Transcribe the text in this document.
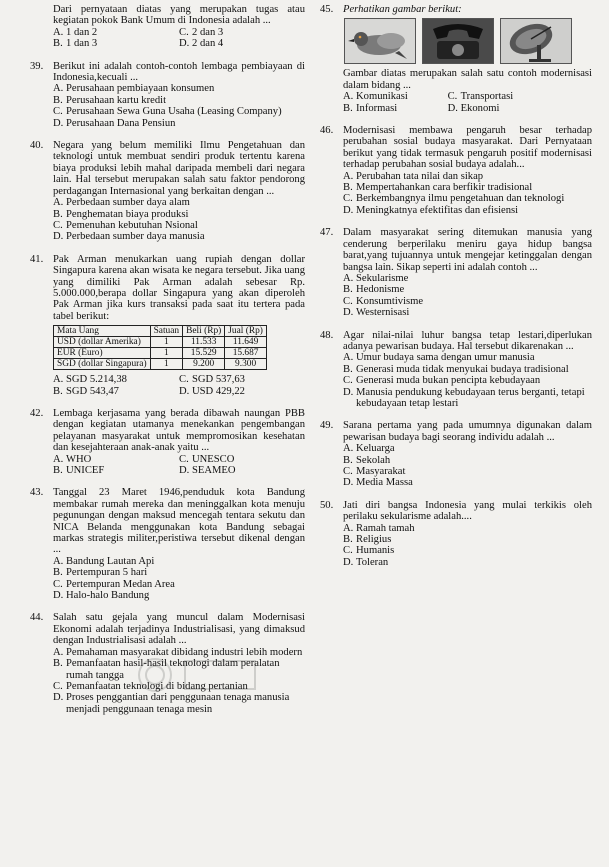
Dari pernyataan diatas yang merupakan tugas atau kegiatan pokok Bank Umum di Indonesia adalah ...
A. 1 dan 2	C. 2 dan 3
B. 1 dan 3	D. 2 dan 4
39. Berikut ini adalah contoh-contoh lembaga pembiayaan di Indonesia,kecuali ...
A. Perusahaan pembiayaan konsumen
B. Perusahaan kartu kredit
C. Perusahaan Sewa Guna Usaha (Leasing Company)
D. Perusahaan Dana Pensiun
40. Negara yang belum memiliki Ilmu Pengetahuan dan teknologi untuk membuat sendiri produk tertentu karena biaya produksi lebih mahal daripada membeli dari negara lain. Hal tersebut merupakan salah satu faktor pendorong perdagangan Internasional yang berkaitan dengan ...
A. Perbedaan sumber daya alam
B. Penghematan biaya produksi
C. Pemenuhan kebutuhan Nsional
D. Perbedaan sumber daya manusia
41. Pak Arman menukarkan uang rupiah dengan dollar Singapura karena akan wisata ke negara tersebut. Jika uang yang dimiliki Pak Arman adalah sebesar Rp. 5.000.000,berapa dollar Singapura yang akan diperoleh Pak Arman jika kurs transaksi pada saat itu tertera pada tabel berikut:
Mata Uang	Satuan	Beli (Rp)	Jual (Rp)
USD (dollar Amerika)	1	11.533	11.649
EUR (Euro)	1	15.529	15.687
SGD (dollar Singapura)	1	9.200	9.300
A. SGD 5.214,38	C. SGD 537,63
B. SGD 543,47	D. USD 429,22
42. Lembaga kerjasama yang berada dibawah naungan PBB dengan kegiatan utamanya menekankan pengembangan pelayanan masyarakat untuk mempromosikan kesehatan dan kesejahteraan anak-anak yaitu ...
A. WHO	C. UNESCO
B. UNICEF	D. SEAMEO
43. Tanggal 23 Maret 1946,penduduk kota Bandung membakar rumah mereka dan meninggalkan kota menuju pegunungan dengan maksud mencegah tentara sekutu dan NICA Belanda menggunakan kota Bandung sebagai markas strategis militer,peristiwa tersebut dikenal dengan ...
A. Bandung Lautan Api
B. Pertempuran 5 hari
C. Pertempuran Medan Area
D. Halo-halo Bandung
44. Salah satu gejala yang muncul dalam Modernisasi Ekonomi adalah terjadinya Industrialisasi, yang dimaksud dengan Industrialisasi adalah ...
A. Pemahaman masyarakat dibidang industri lebih modern
B. Pemanfaatan hasil-hasil teknologi dalam peralatan rumah tangga
C. Pemanfaatan teknologi di bidang pertanian
D. Proses penggantian dari penggunaan tenaga manusia menjadi penggunaan tenaga mesin
45. Perhatikan gambar berikut:
Gambar diatas merupakan salah satu contoh modernisasi dalam bidang ...
A. Komunikasi	C. Transportasi
B. Informasi	D. Ekonomi
46. Modernisasi membawa pengaruh besar terhadap perubahan sosial budaya masyarakat. Dari Pernyataan berikut yang tidak termasuk pengaruh positif modernisasi terhadap perubahan sosial budaya adalah...
A. Perubahan tata nilai dan sikap
B. Mempertahankan cara berfikir tradisional
C. Berkembangnya ilmu pengetahuan dan teknologi
D. Meningkatnya efektifitas dan efisiensi
47. Dalam masyarakat sering ditemukan manusia yang cenderung berperilaku meniru gaya hidup bangsa barat,yang tujuannya untuk mengejar ketinggalan dengan bangsa lain. Sikap seperti ini adalah contoh ...
A. Sekularisme
B. Hedonisme
C. Konsumtivisme
D. Westernisasi
48. Agar nilai-nilai luhur bangsa tetap lestari,diperlukan adanya pewarisan budaya. Hal tersebut dikarenakan ...
A. Umur budaya sama dengan umur manusia
B. Generasi muda tidak menyukai budaya tradisional
C. Generasi muda bukan pencipta kebudayaan
D. Manusia pendukung kebudayaan terus berganti, tetapi kebudayaan tetap lestari
49. Sarana pertama yang pada umumnya digunakan dalam pewarisan budaya bagi seorang individu adalah ...
A. Keluarga
B. Sekolah
C. Masyarakat
D. Media Massa
50. Jati diri bangsa Indonesia yang mulai terkikis oleh perilaku sekularisme adalah....
A. Ramah tamah
B. Religius
C. Humanis
D. Toleran
